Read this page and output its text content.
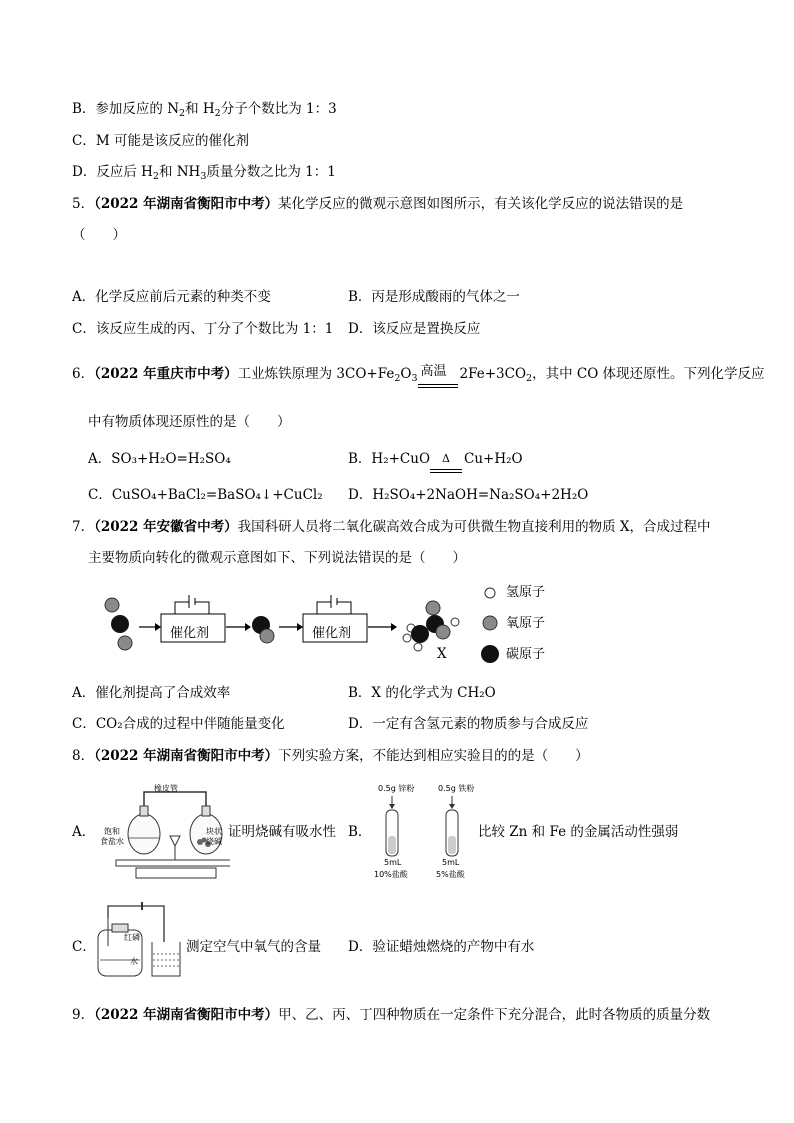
B．参加反应的 $N_2$和 $H_2$分子个数比为 1：3
C．M 可能是该反应的催化剂
D．反应后 $H_2$和 $NH_3$质量分数之比为 1：1
5．（2022 年湖南省衡阳市中考）某化学反应的微观示意图如图所示，有关该化学反应的说法错误的是
（　　）
A．化学反应前后元素的种类不变	B．丙是形成酸雨的气体之一
C．该反应生成的丙、丁分了个数比为 1：1 D．该反应是置换反应
6．（2022 年重庆市中考）工业炼铁原理为 $3CO+Fe_2O_3$ 高温 $2Fe+3CO_2$，其中 CO 体现还原性。下列化学反应
中有物质体现还原性的是（　　）
A．SO₃+H₂O=H₂SO₄	B．H₂+CuO Δ Cu+H₂O
C．CuSO₄+BaCl₂=BaSO₄↓+CuCl₂ D．H₂SO₄+2NaOH=Na₂SO₄+2H₂O
7．（2022 年安徽省中考）我国科研人员将二氧化碳高效合成为可供微生物直接利用的物质 X，合成过程中
主要物质向转化的微观示意图如下、下列说法错误的是（　　）
催化剂	催化剂
X
氢原子
氧原子
碳原子
A．催化剂提高了合成效率	B．X 的化学式为 CH₂O
C．CO₂合成的过程中伴随能量变化	D．一定有含氢元素的物质参与合成反应
8．（2022 年湖南省衡阳市中考）下列实验方案，不能达到相应实验目的的是（　　）
A．
橡皮管
饱和
食盐水
块状
烧碱
证明烧碱有吸水性 B．
0.5g 锌粉	0.5g 铁粉
5mL
10%盐酸
5mL
5%盐酸
比较 Zn 和 Fe 的金属活动性强弱
C．
红磷
水
测定空气中氧气的含量 D．验证蜡烛燃烧的产物中有水
9．（2022 年湖南省衡阳市中考）甲、乙、丙、丁四种物质在一定条件下充分混合，此时各物质的质量分数
